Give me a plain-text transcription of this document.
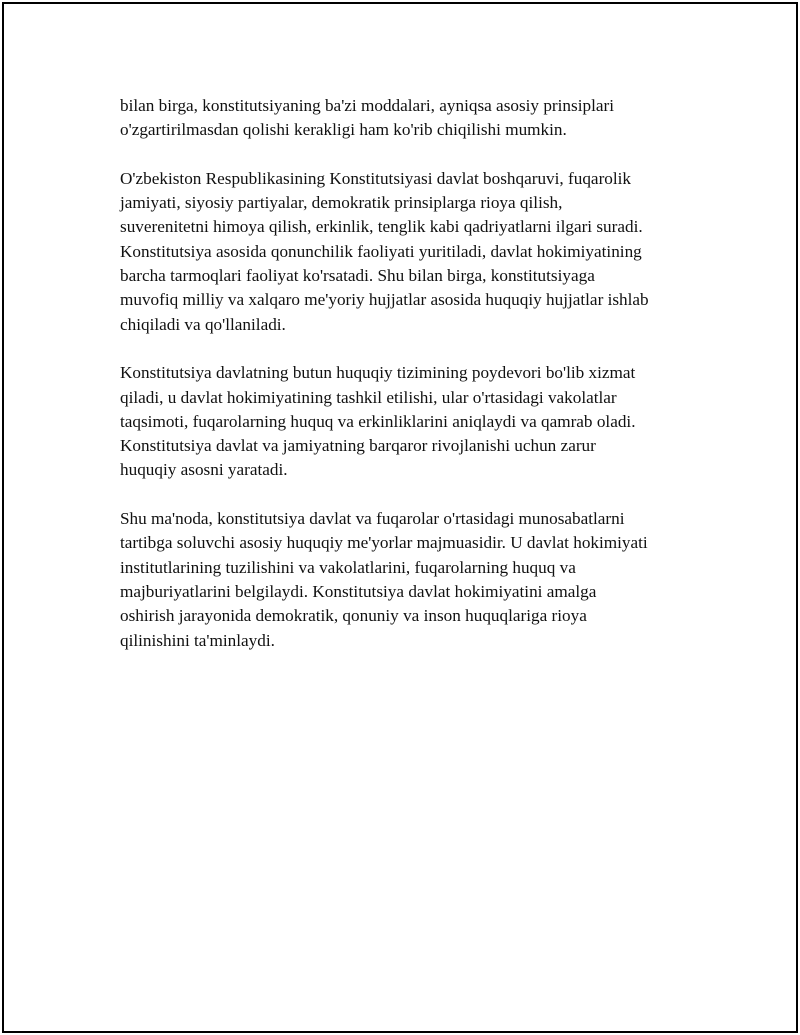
bilan birga, konstitutsiyaning ba'zi moddalari, ayniqsa asosiy prinsiplari
o'zgartirilmasdan qolishi kerakligi ham ko'rib chiqilishi mumkin.

O'zbekiston Respublikasining Konstitutsiyasi davlat boshqaruvi, fuqarolik
jamiyati, siyosiy partiyalar, demokratik prinsiplarga rioya qilish,
suverenitetni himoya qilish, erkinlik, tenglik kabi qadriyatlarni ilgari suradi.
Konstitutsiya asosida qonunchilik faoliyati yuritiladi, davlat hokimiyatining
barcha tarmoqlari faoliyat ko'rsatadi. Shu bilan birga, konstitutsiyaga
muvofiq milliy va xalqaro me'yoriy hujjatlar asosida huquqiy hujjatlar ishlab
chiqiladi va qo'llaniladi.

Konstitutsiya davlatning butun huquqiy tizimining poydevori bo'lib xizmat
qiladi, u davlat hokimiyatining tashkil etilishi, ular o'rtasidagi vakolatlar
taqsimoti, fuqarolarning huquq va erkinliklarini aniqlaydi va qamrab oladi.
Konstitutsiya davlat va jamiyatning barqaror rivojlanishi uchun zarur
huquqiy asosni yaratadi.

Shu ma'noda, konstitutsiya davlat va fuqarolar o'rtasidagi munosabatlarni
tartibga soluvchi asosiy huquqiy me'yorlar majmuasidir. U davlat hokimiyati
institutlarining tuzilishini va vakolatlarini, fuqarolarning huquq va
majburiyatlarini belgilaydi. Konstitutsiya davlat hokimiyatini amalga
oshirish jarayonida demokratik, qonuniy va inson huquqlariga rioya
qilinishini ta'minlaydi.
